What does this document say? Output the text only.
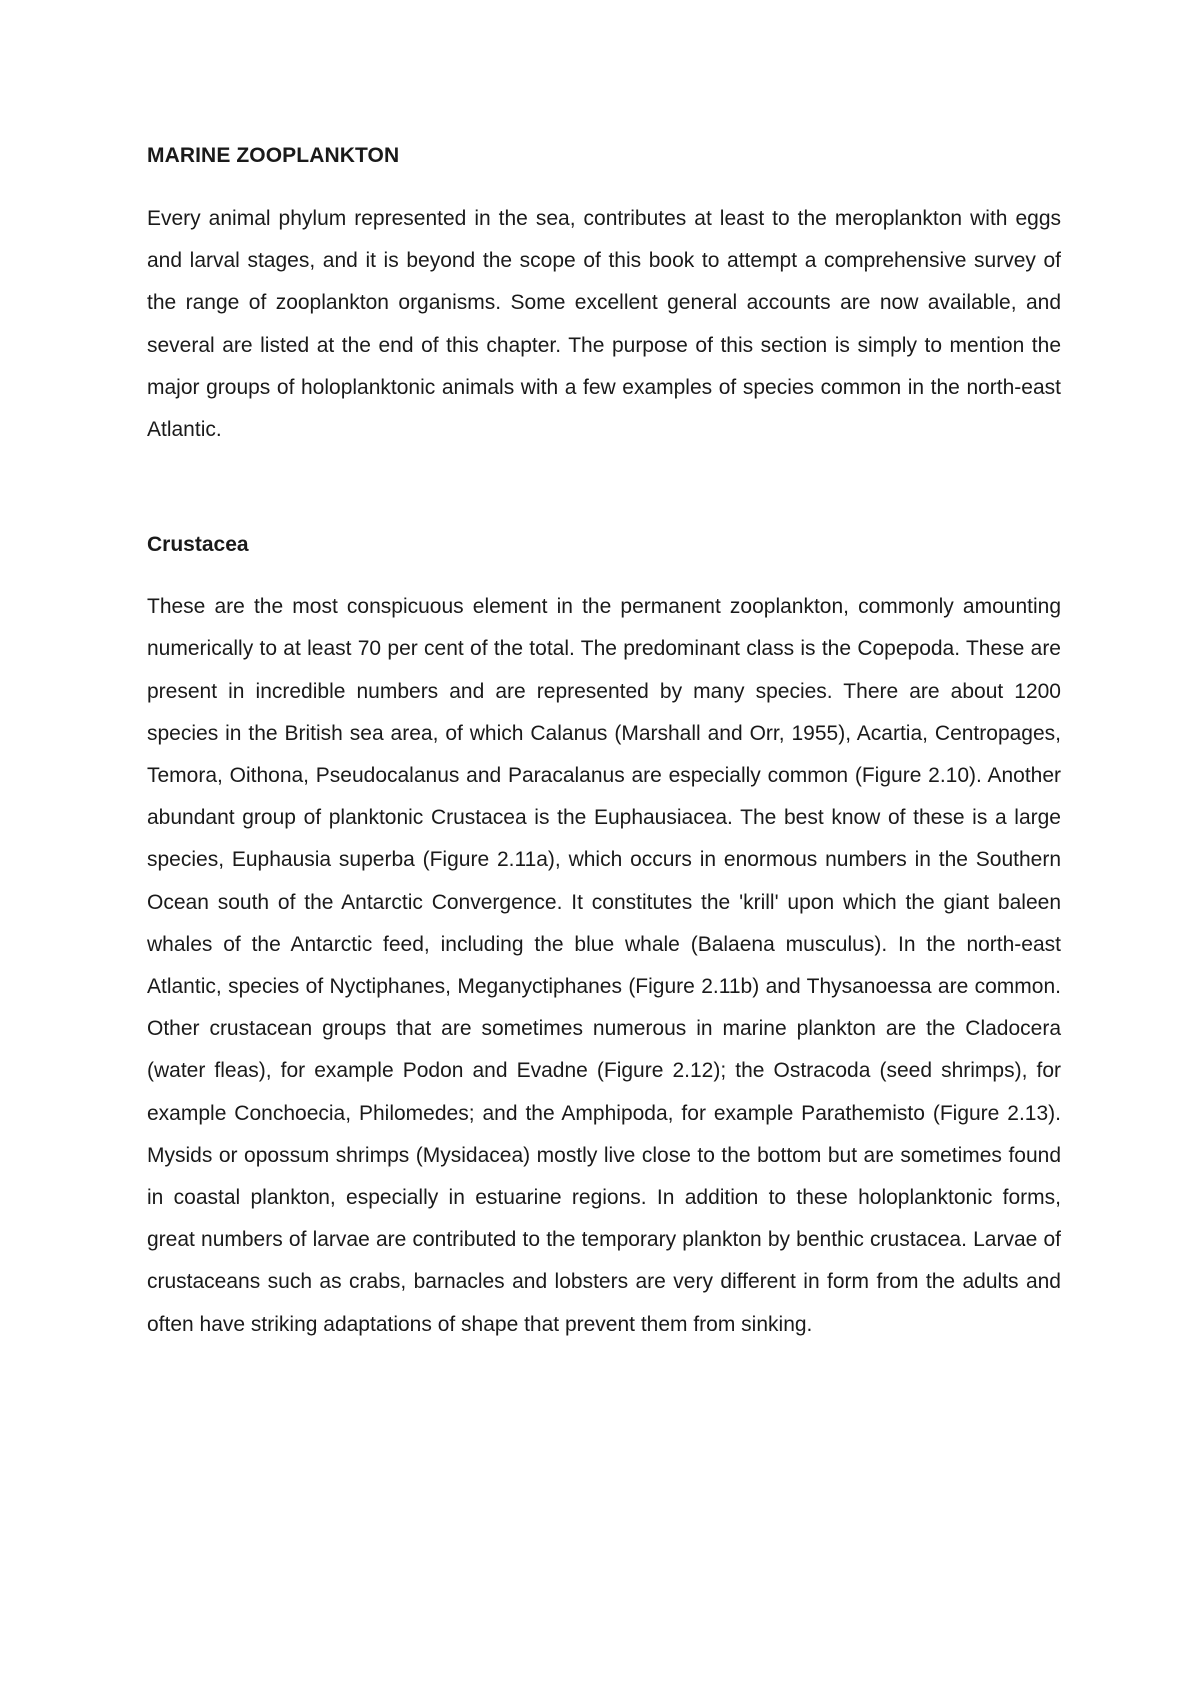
MARINE ZOOPLANKTON

Every animal phylum represented in the sea, contributes at least to the meroplankton with eggs and larval stages, and it is beyond the scope of this book to attempt a comprehensive survey of the range of zooplankton organisms. Some excellent general accounts are now available, and several are listed at the end of this chapter. The purpose of this section is simply to mention the major groups of holoplanktonic animals with a few examples of species common in the north-east Atlantic.

Crustacea

These are the most conspicuous element in the permanent zooplankton, commonly amounting numerically to at least 70 per cent of the total. The predominant class is the Copepoda. These are present in incredible numbers and are represented by many species. There are about 1200 species in the British sea area, of which Calanus (Marshall and Orr, 1955), Acartia, Centropages, Temora, Oithona, Pseudocalanus and Paracalanus are especially common (Figure 2.10). Another abundant group of planktonic Crustacea is the Euphausiacea. The best know of these is a large species, Euphausia superba (Figure 2.11a), which occurs in enormous numbers in the Southern Ocean south of the Antarctic Convergence. It constitutes the 'krill' upon which the giant baleen whales of the Antarctic feed, including the blue whale (Balaena musculus). In the north-east Atlantic, species of Nyctiphanes, Meganyctiphanes (Figure 2.11b) and Thysanoessa are common. Other crustacean groups that are sometimes numerous in marine plankton are the Cladocera (water fleas), for example Podon and Evadne (Figure 2.12); the Ostracoda (seed shrimps), for example Conchoecia, Philomedes; and the Amphipoda, for example Parathemisto (Figure 2.13). Mysids or opossum shrimps (Mysidacea) mostly live close to the bottom but are sometimes found in coastal plankton, especially in estuarine regions. In addition to these holoplanktonic forms, great numbers of larvae are contributed to the temporary plankton by benthic crustacea. Larvae of crustaceans such as crabs, barnacles and lobsters are very different in form from the adults and often have striking adaptations of shape that prevent them from sinking.
